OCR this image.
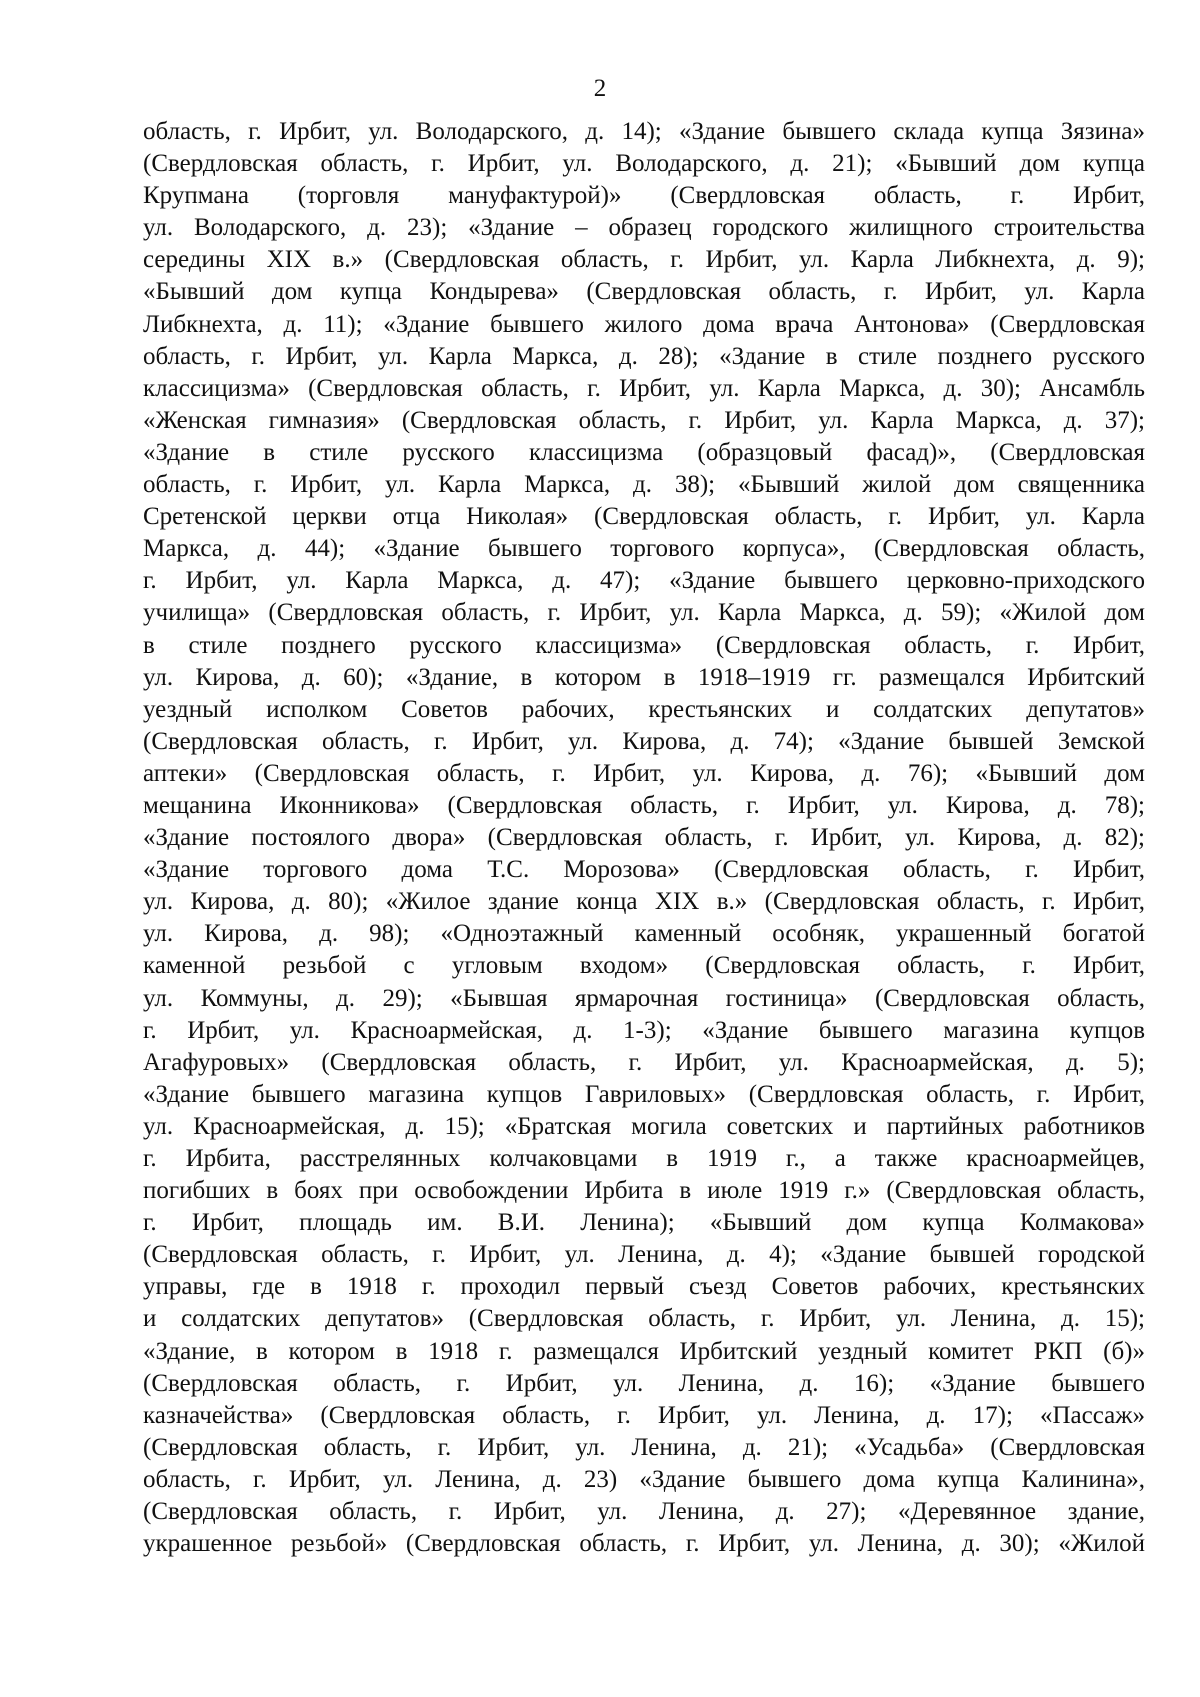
2
область, г. Ирбит, ул. Володарского, д. 14); «Здание бывшего склада купца Зязина»
(Свердловская область, г. Ирбит, ул. Володарского, д. 21); «Бывший дом купца
Крупмана (торговля мануфактурой)» (Свердловская область, г. Ирбит,
ул. Володарского, д. 23); «Здание – образец городского жилищного строительства
середины XIX в.» (Свердловская область, г. Ирбит, ул. Карла Либкнехта, д. 9);
«Бывший дом купца Кондырева» (Свердловская область, г. Ирбит, ул. Карла
Либкнехта, д. 11); «Здание бывшего жилого дома врача Антонова» (Свердловская
область, г. Ирбит, ул. Карла Маркса, д. 28); «Здание в стиле позднего русского
классицизма» (Свердловская область, г. Ирбит, ул. Карла Маркса, д. 30); Ансамбль
«Женская гимназия» (Свердловская область, г. Ирбит, ул. Карла Маркса, д. 37);
«Здание в стиле русского классицизма (образцовый фасад)», (Свердловская
область, г. Ирбит, ул. Карла Маркса, д. 38); «Бывший жилой дом священника
Сретенской церкви отца Николая» (Свердловская область, г. Ирбит, ул. Карла
Маркса, д. 44); «Здание бывшего торгового корпуса», (Свердловская область,
г. Ирбит, ул. Карла Маркса, д. 47); «Здание бывшего церковно-приходского
училища» (Свердловская область, г. Ирбит, ул. Карла Маркса, д. 59); «Жилой дом
в стиле позднего русского классицизма» (Свердловская область, г. Ирбит,
ул. Кирова, д. 60); «Здание, в котором в 1918–1919 гг. размещался Ирбитский
уездный исполком Советов рабочих, крестьянских и солдатских депутатов»
(Свердловская область, г. Ирбит, ул. Кирова, д. 74); «Здание бывшей Земской
аптеки» (Свердловская область, г. Ирбит, ул. Кирова, д. 76); «Бывший дом
мещанина Иконникова» (Свердловская область, г. Ирбит, ул. Кирова, д. 78);
«Здание постоялого двора» (Свердловская область, г. Ирбит, ул. Кирова, д. 82);
«Здание торгового дома Т.С. Морозова» (Свердловская область, г. Ирбит,
ул. Кирова, д. 80); «Жилое здание конца XIX в.» (Свердловская область, г. Ирбит,
ул. Кирова, д. 98); «Одноэтажный каменный особняк, украшенный богатой
каменной резьбой с угловым входом» (Свердловская область, г. Ирбит,
ул. Коммуны, д. 29); «Бывшая ярмарочная гостиница» (Свердловская область,
г. Ирбит, ул. Красноармейская, д. 1-3); «Здание бывшего магазина купцов
Агафуровых» (Свердловская область, г. Ирбит, ул. Красноармейская, д. 5);
«Здание бывшего магазина купцов Гавриловых» (Свердловская область, г. Ирбит,
ул. Красноармейская, д. 15); «Братская могила советских и партийных работников
г. Ирбита, расстрелянных колчаковцами в 1919 г., а также красноармейцев,
погибших в боях при освобождении Ирбита в июле 1919 г.» (Свердловская область,
г. Ирбит, площадь им. В.И. Ленина); «Бывший дом купца Колмакова»
(Свердловская область, г. Ирбит, ул. Ленина, д. 4); «Здание бывшей городской
управы, где в 1918 г. проходил первый съезд Советов рабочих, крестьянских
и солдатских депутатов» (Свердловская область, г. Ирбит, ул. Ленина, д. 15);
«Здание, в котором в 1918 г. размещался Ирбитский уездный комитет РКП (б)»
(Свердловская область, г. Ирбит, ул. Ленина, д. 16); «Здание бывшего
казначейства» (Свердловская область, г. Ирбит, ул. Ленина, д. 17); «Пассаж»
(Свердловская область, г. Ирбит, ул. Ленина, д. 21); «Усадьба» (Свердловская
область, г. Ирбит, ул. Ленина, д. 23) «Здание бывшего дома купца Калинина»,
(Свердловская область, г. Ирбит, ул. Ленина, д. 27); «Деревянное здание,
украшенное резьбой» (Свердловская область, г. Ирбит, ул. Ленина, д. 30); «Жилой
